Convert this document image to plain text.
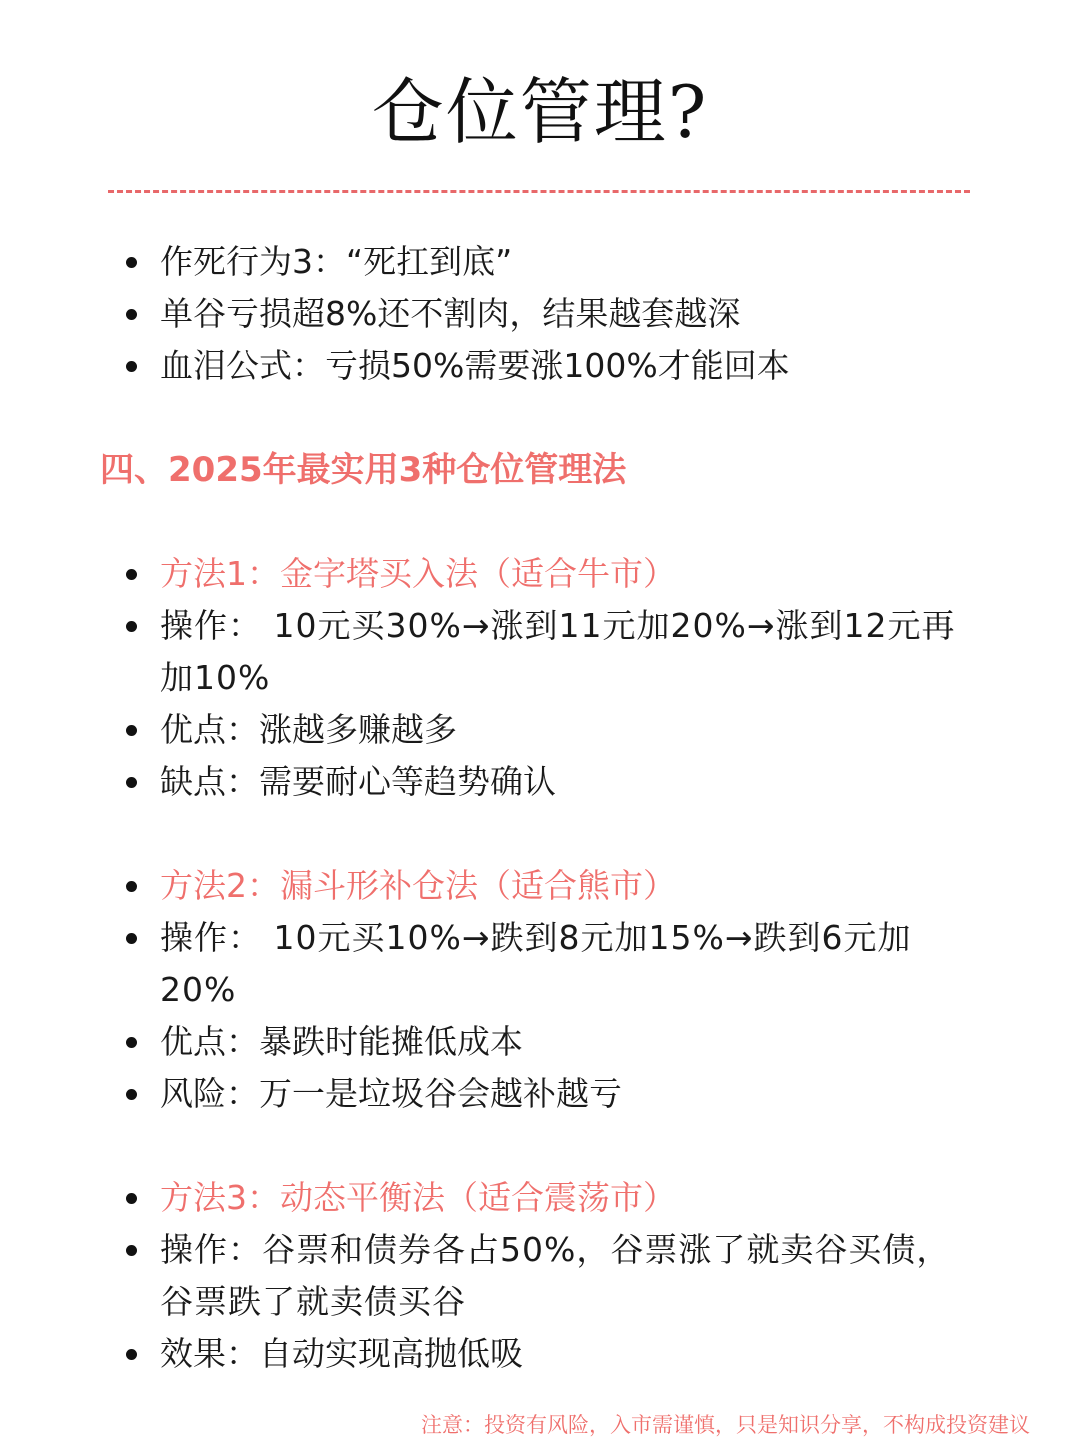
仓位管理?
作死行为3：“死扛到底”
单谷亏损超8%还不割肉，结果越套越深
血泪公式：亏损50%需要涨100%才能回本
四、2025年最实用3种仓位管理法
方法1：金字塔买入法（适合牛市）
操作： 10元买30%→涨到11元加20%→涨到12元再加10%
优点：涨越多赚越多
缺点：需要耐心等趋势确认
方法2：漏斗形补仓法（适合熊市）
操作： 10元买10%→跌到8元加15%→跌到6元加20%
优点：暴跌时能摊低成本
风险：万一是垃圾谷会越补越亏
方法3：动态平衡法（适合震荡市）
操作：谷票和债券各占50%，谷票涨了就卖谷买债，谷票跌了就卖债买谷
效果：自动实现高抛低吸
注意：投资有风险，入市需谨慎，只是知识分享，不构成投资建议
